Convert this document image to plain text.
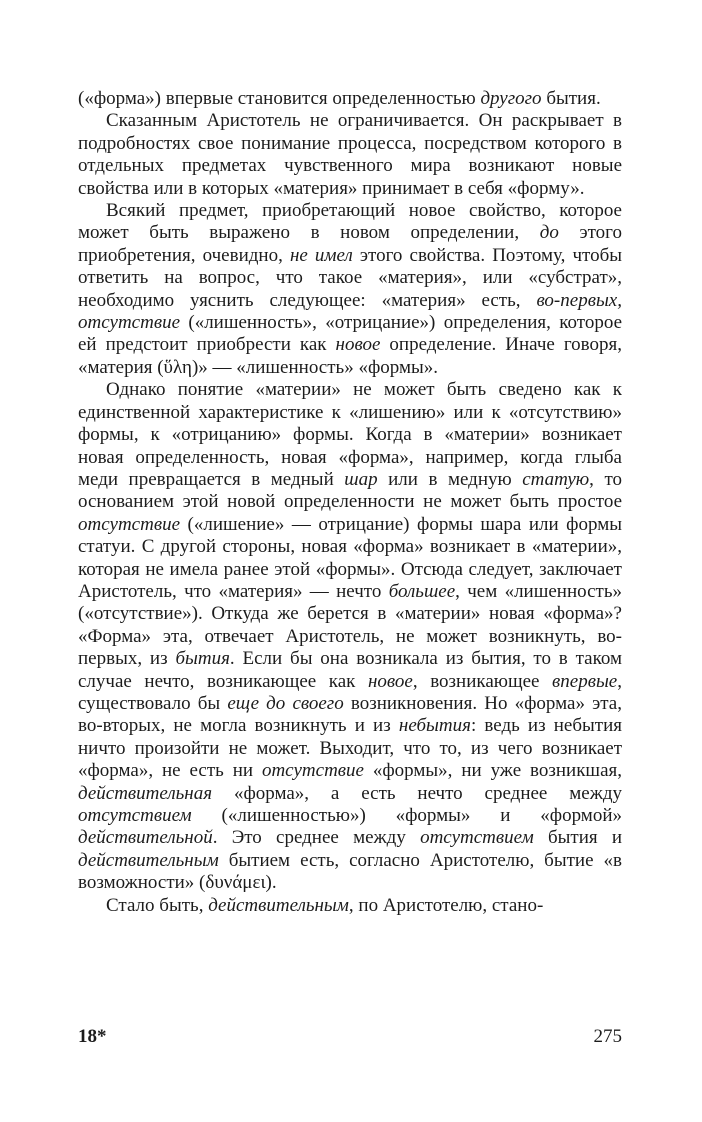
(«форма») впервые становится определенностью другого бытия.

Сказанным Аристотель не ограничивается. Он раскрывает в подробностях свое понимание процесса, посредством которого в отдельных предметах чувственного мира возникают новые свойства или в которых «материя» принимает в себя «форму».

Всякий предмет, приобретающий новое свойство, которое может быть выражено в новом определении, до этого приобретения, очевидно, не имел этого свойства. Поэтому, чтобы ответить на вопрос, что такое «материя», или «субстрат», необходимо уяснить следующее: «материя» есть, во-первых, отсутствие («лишенность», «отрицание») определения, которое ей предстоит приобрести как новое определение. Иначе говоря, «материя (ὕλη)» — «лишенность» «формы».

Однако понятие «материи» не может быть сведено как к единственной характеристике к «лишению» или к «отсутствию» формы, к «отрицанию» формы. Когда в «материи» возникает новая определенность, новая «форма», например, когда глыба меди превращается в медный шар или в медную статую, то основанием этой новой определенности не может быть простое отсутствие («лишение» — отрицание) формы шара или формы статуи. С другой стороны, новая «форма» возникает в «материи», которая не имела ранее этой «формы». Отсюда следует, заключает Аристотель, что «материя» — нечто большее, чем «лишенность» («отсутствие»). Откуда же берется в «материи» новая «форма»? «Форма» эта, отвечает Аристотель, не может возникнуть, во-первых, из бытия. Если бы она возникала из бытия, то в таком случае нечто, возникающее как новое, возникающее впервые, существовало бы еще до своего возникновения. Но «форма» эта, во-вторых, не могла возникнуть и из небытия: ведь из небытия ничто произойти не может. Выходит, что то, из чего возникает «форма», не есть ни отсутствие «формы», ни уже возникшая, действительная «форма», а есть нечто среднее между отсутствием («лишенностью») «формы» и «формой» действительной. Это среднее между отсутствием бытия и действительным бытием есть, согласно Аристотелю, бытие «в возможности» (δυνάμει).

Стало быть, действительным, по Аристотелю, стано-

18*	275
